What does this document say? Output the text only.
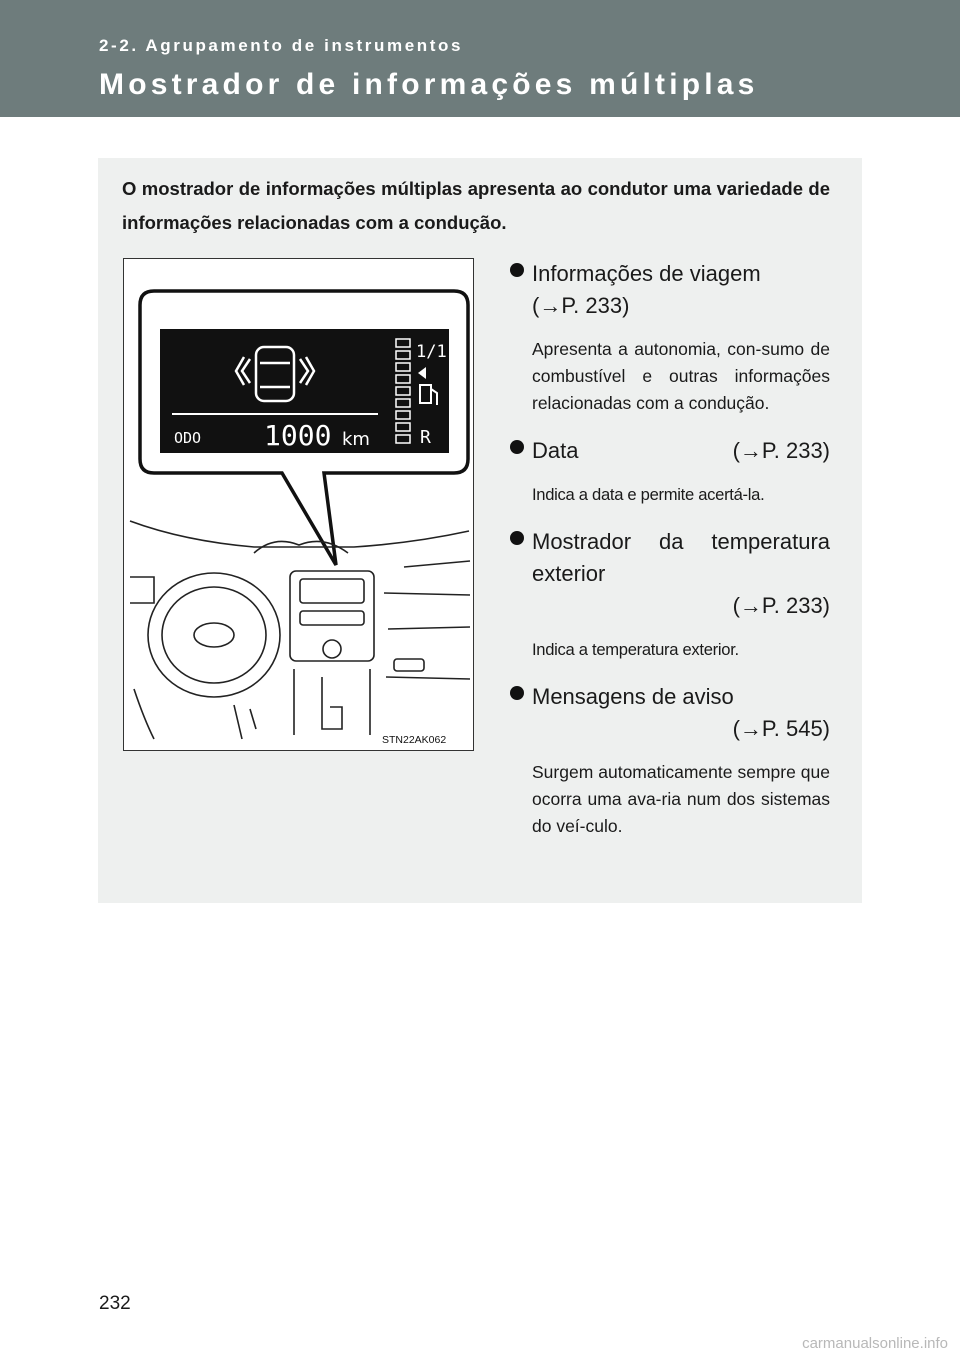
2-2. Agrupamento de instrumentos
Mostrador de informações múltiplas
O mostrador de informações múltiplas apresenta ao condutor uma variedade de informações relacionadas com a condução.
ODO 1000 km
1/1
R
STN22AK062
Informações de viagem
(→P. 233)
Apresenta a autonomia, con-sumo de combustível e outras informações relacionadas com a condução.
Data	(→P. 233)
Indica a data e permite acertá-la.
Mostrador da temperatura
exterior
(→P. 233)
Indica a temperatura exterior.
Mensagens de aviso
(→P. 545)
Surgem automaticamente sempre que ocorra uma ava-ria num dos sistemas do veí-culo.
232
carmanualsonline.info
